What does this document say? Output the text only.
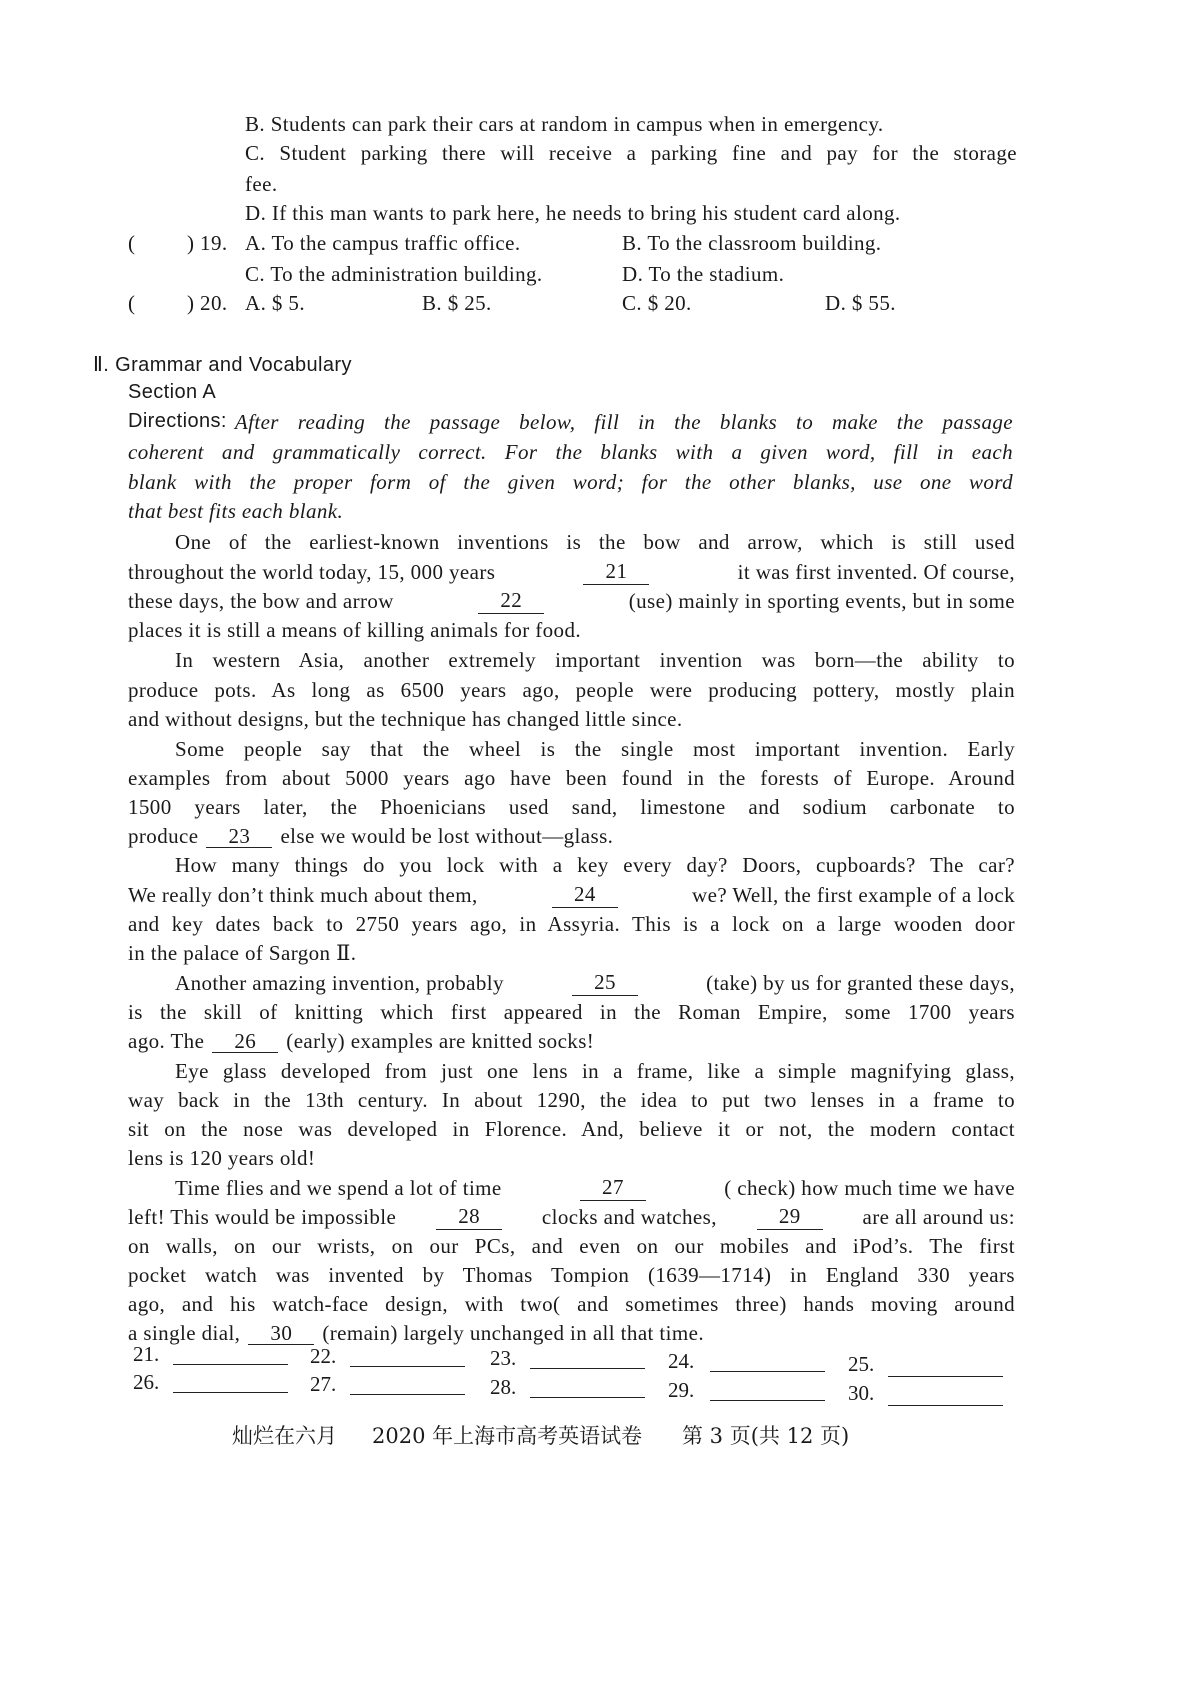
B. Students can park their cars at random in campus when in emergency.
C. Student parking there will receive a parking fine and pay for the storage
fee.
D. If this man wants to park here, he needs to bring his student card along.
( ) 19. A. To the campus traffic office.	B. To the classroom building.
C. To the administration building.	D. To the stadium.
( ) 20. A. $ 5.	B. $ 25.	C. $ 20.	D. $ 55.
Ⅱ. Grammar and Vocabulary
Section A
Directions: After reading the passage below, fill in the blanks to make the passage
coherent and grammatically correct. For the blanks with a given word, fill in each
blank with the proper form of the given word; for the other blanks, use one word
that best fits each blank.
One of the earliest-known inventions is the bow and arrow, which is still used
throughout the world today, 15, 000 years	21	it was first invented. Of course,
these days, the bow and arrow	22	(use) mainly in sporting events, but in some
places it is still a means of killing animals for food.
In western Asia, another extremely important invention was born—the ability to
produce pots. As long as 6500 years ago, people were producing pottery, mostly plain
and without designs, but the technique has changed little since.
Some people say that the wheel is the single most important invention. Early
examples from about 5000 years ago have been found in the forests of Europe. Around
1500 years later, the Phoenicians used sand, limestone and sodium carbonate to
produce 23 else we would be lost without—glass.
How many things do you lock with a key every day? Doors, cupboards? The car?
We really don’t think much about them,	24	we? Well, the first example of a lock
and key dates back to 2750 years ago, in Assyria. This is a lock on a large wooden door
in the palace of Sargon Ⅱ.
Another amazing invention, probably	25	(take) by us for granted these days,
is the skill of knitting which first appeared in the Roman Empire, some 1700 years
ago. The 26 (early) examples are knitted socks!
Eye glass developed from just one lens in a frame, like a simple magnifying glass,
way back in the 13th century. In about 1290, the idea to put two lenses in a frame to
sit on the nose was developed in Florence. And, believe it or not, the modern contact
lens is 120 years old!
Time flies and we spend a lot of time	27	( check) how much time we have
left! This would be impossible	28	clocks and watches,	29	are all around us:
on walls, on our wrists, on our PCs, and even on our mobiles and iPod’s. The first
pocket watch was invented by Thomas Tompion (1639—1714) in England 330 years
ago, and his watch-face design, with two( and sometimes three) hands moving around
a single dial, 30 (remain) largely unchanged in all that time.
21.	22.	23.	24.	25.
26.	27.	28.	29.	30.
灿烂在六月 2020 年上海市高考英语试卷 第 3 页(共 12 页)
